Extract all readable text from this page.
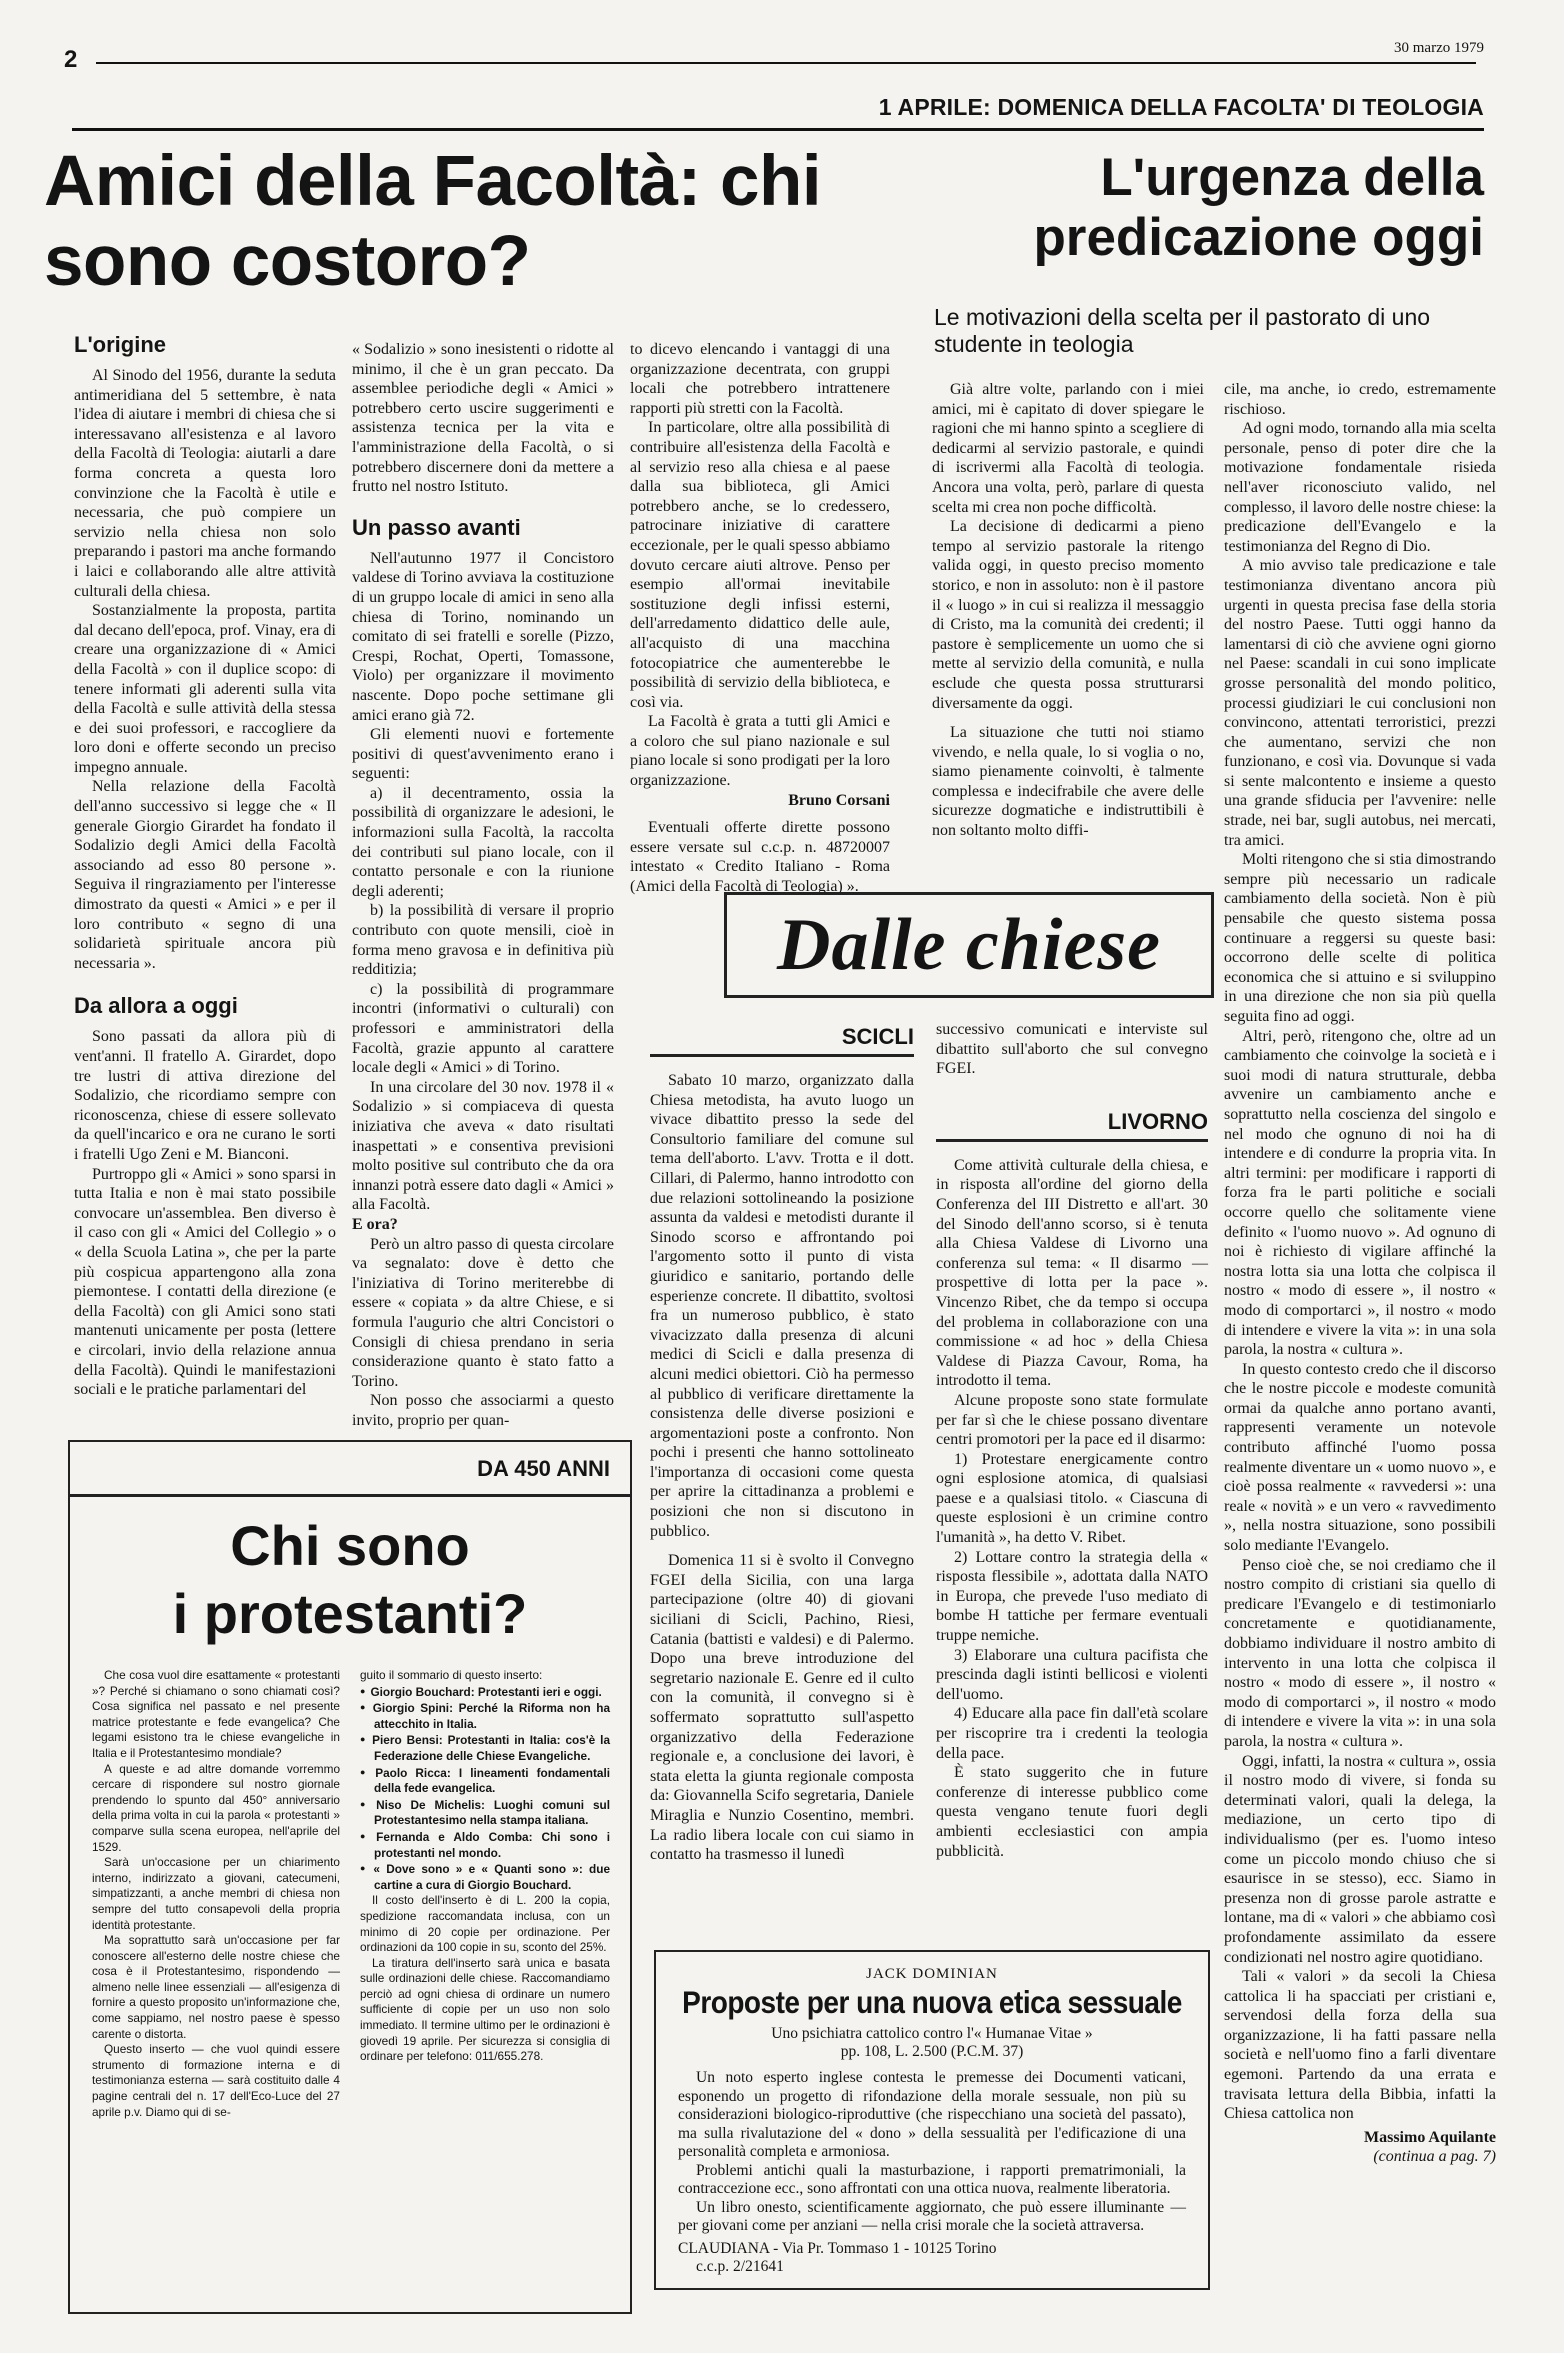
2	30 marzo 1979
1 APRILE: DOMENICA DELLA FACOLTA' DI TEOLOGIA
Amici della Facoltà: chi sono costoro?
L'origine

Al Sinodo del 1956, durante la seduta antimeridiana del 5 settembre, è nata l'idea di aiutare i membri di chiesa che si interessavano all'esistenza e al lavoro della Facoltà di Teologia: aiutarli a dare forma concreta a questa loro convinzione che la Facoltà è utile e necessaria, che può compiere un servizio nella chiesa non solo preparando i pastori ma anche formando i laici e collaborando alle altre attività culturali della chiesa.

Sostanzialmente la proposta, partita dal decano dell'epoca, prof. Vinay, era di creare una organizzazione di « Amici della Facoltà » con il duplice scopo: di tenere informati gli aderenti sulla vita della Facoltà e sulle attività della stessa e dei suoi professori, e raccogliere da loro doni e offerte secondo un preciso impegno annuale.

Nella relazione della Facoltà dell'anno successivo si legge che « Il generale Giorgio Girardet ha fondato il Sodalizio degli Amici della Facoltà associando ad esso 80 persone ». Seguiva il ringraziamento per l'interesse dimostrato da questi « Amici » e per il loro contributo « segno di una solidarietà spirituale ancora più necessaria ».

Da allora a oggi

Sono passati da allora più di vent'anni. Il fratello A. Girardet, dopo tre lustri di attiva direzione del Sodalizio, che ricordiamo sempre con riconoscenza, chiese di essere sollevato da quell'incarico e ora ne curano le sorti i fratelli Ugo Zeni e M. Bianconi.

Purtroppo gli « Amici » sono sparsi in tutta Italia e non è mai stato possibile convocare un'assemblea. Ben diverso è il caso con gli « Amici del Collegio » o « della Scuola Latina », che per la parte più cospicua appartengono alla zona piemontese. I contatti della direzione (e della Facoltà) con gli Amici sono stati mantenuti unicamente per posta (lettere e circolari, invio della relazione annua della Facoltà). Quindi le manifestazioni sociali e le pratiche parlamentari del

« Sodalizio » sono inesistenti o ridotte al minimo, il che è un gran peccato. Da assemblee periodiche degli « Amici » potrebbero certo uscire suggerimenti e assistenza tecnica per la vita e l'amministrazione della Facoltà, o si potrebbero discernere doni da mettere a frutto nel nostro Istituto.

Un passo avanti

Nell'autunno 1977 il Concistoro valdese di Torino avviava la costituzione di un gruppo locale di amici in seno alla chiesa di Torino, nominando un comitato di sei fratelli e sorelle (Pizzo, Crespi, Rochat, Operti, Tomassone, Violo) per organizzare il movimento nascente. Dopo poche settimane gli amici erano già 72.

Gli elementi nuovi e fortemente positivi di quest'avvenimento erano i seguenti:

a) il decentramento, ossia la possibilità di organizzare le adesioni, le informazioni sulla Facoltà, la raccolta dei contributi sul piano locale, con il contatto personale e con la riunione degli aderenti;

b) la possibilità di versare il proprio contributo con quote mensili, cioè in forma meno gravosa e in definitiva più redditizia;

c) la possibilità di programmare incontri (informativi o culturali) con professori e amministratori della Facoltà, grazie appunto al carattere locale degli « Amici » di Torino.

In una circolare del 30 nov. 1978 il « Sodalizio » si compiaceva di questa iniziativa che aveva « dato risultati inaspettati » e consentiva previsioni molto positive sul contributo che da ora innanzi potrà essere dato dagli « Amici » alla Facoltà.

E ora?

Però un altro passo di questa circolare va segnalato: dove è detto che l'iniziativa di Torino meriterebbe di essere « copiata » da altre Chiese, e si formula l'augurio che altri Concistori o Consigli di chiesa prendano in seria considerazione quanto è stato fatto a Torino.

Non posso che associarmi a questo invito, proprio per quan-

to dicevo elencando i vantaggi di una organizzazione decentrata, con gruppi locali che potrebbero intrattenere rapporti più stretti con la Facoltà.

In particolare, oltre alla possibilità di contribuire all'esistenza della Facoltà e al servizio reso alla chiesa e al paese dalla sua biblioteca, gli Amici potrebbero anche, se lo credessero, patrocinare iniziative di carattere eccezionale, per le quali spesso abbiamo dovuto cercare aiuti altrove. Penso per esempio all'ormai inevitabile sostituzione degli infissi esterni, dell'arredamento didattico delle aule, all'acquisto di una macchina fotocopiatrice che aumenterebbe le possibilità di servizio della biblioteca, e così via.

La Facoltà è grata a tutti gli Amici e a coloro che sul piano nazionale e sul piano locale si sono prodigati per la loro organizzazione.

Bruno Corsani

Eventuali offerte dirette possono essere versate sul c.c.p. n. 48720007 intestato « Credito Italiano - Roma (Amici della Facoltà di Teologia) ».

L'urgenza della
predicazione oggi
Le motivazioni della scelta per il pastorato di uno studente in teologia

Già altre volte, parlando con i miei amici, mi è capitato di dover spiegare le ragioni che mi hanno spinto a scegliere di dedicarmi al servizio pastorale, e quindi di iscrivermi alla Facoltà di teologia. Ancora una volta, però, parlare di questa scelta mi crea non poche difficoltà.

La decisione di dedicarmi a pieno tempo al servizio pastorale la ritengo valida oggi, in questo preciso momento storico, e non in assoluto: non è il pastore il « luogo » in cui si realizza il messaggio di Cristo, ma la comunità dei credenti; il pastore è semplicemente un uomo che si mette al servizio della comunità, e nulla esclude che questa possa strutturarsi diversamente da oggi.

La situazione che tutti noi stiamo vivendo, e nella quale, lo si voglia o no, siamo pienamente coinvolti, è talmente complessa e indecifrabile che avere delle sicurezze dogmatiche e indistruttibili è non soltanto molto diffi-

cile, ma anche, io credo, estremamente rischioso.

Ad ogni modo, tornando alla mia scelta personale, penso di poter dire che la motivazione fondamentale risieda nell'aver riconosciuto valido, nel complesso, il lavoro delle nostre chiese: la predicazione dell'Evangelo e la testimonianza del Regno di Dio.

A mio avviso tale predicazione e tale testimonianza diventano ancora più urgenti in questa precisa fase della storia del nostro Paese. Tutti oggi hanno da lamentarsi di ciò che avviene ogni giorno nel Paese: scandali in cui sono implicate grosse personalità del mondo politico, processi giudiziari le cui conclusioni non convincono, attentati terroristici, prezzi che aumentano, servizi che non funzionano, e così via. Dovunque si vada si sente malcontento e insieme a questo una grande sfiducia per l'avvenire: nelle strade, nei bar, sugli autobus, nei mercati, tra amici.

Molti ritengono che si stia dimostrando sempre più necessario un radicale cambiamento della società. Non è più pensabile che questo sistema possa continuare a reggersi su queste basi: occorrono delle scelte di politica economica che si attuino e si sviluppino in una direzione che non sia più quella seguita fino ad oggi.

Altri, però, ritengono che, oltre ad un cambiamento che coinvolge la società e i suoi modi di natura strutturale, debba avvenire un cambiamento anche e soprattutto nella coscienza del singolo e nel modo che ognuno di noi ha di intendere e di condurre la propria vita. In altri termini: per modificare i rapporti di forza fra le parti politiche e sociali occorre quello che solitamente viene definito « l'uomo nuovo ». Ad ognuno di noi è richiesto di vigilare affinché la nostra lotta sia una lotta che colpisca il nostro « modo di essere », il nostro « modo di comportarci », il nostro « modo di intendere e vivere la vita »: in una sola parola, la nostra « cultura ».

In questo contesto credo che il discorso che le nostre piccole e modeste comunità ormai da qualche anno portano avanti, rappresenti veramente un notevole contributo affinché l'uomo possa realmente diventare un « uomo nuovo », e cioè possa realmente « ravvedersi »: una reale « novità » e un vero « ravvedimento », nella nostra situazione, sono possibili solo mediante l'Evangelo.

Penso cioè che, se noi crediamo che il nostro compito di cristiani sia quello di predicare l'Evangelo e di testimoniarlo concretamente e quotidianamente, dobbiamo individuare il nostro ambito di intervento in una lotta che colpisca il nostro « modo di essere », il nostro « modo di comportarci », il nostro « modo di intendere e vivere la vita »: in una sola parola, la nostra « cultura ».

Oggi, infatti, la nostra « cultura », ossia il nostro modo di vivere, si fonda su determinati valori, quali la delega, la mediazione, un certo tipo di individualismo (per es. l'uomo inteso come un piccolo mondo chiuso che si esaurisce in se stesso), ecc. Siamo in presenza non di grosse parole astratte e lontane, ma di « valori » che abbiamo così profondamente assimilato da essere condizionati nel nostro agire quotidiano.

Tali « valori » da secoli la Chiesa cattolica li ha spacciati per cristiani e, servendosi della forza della sua organizzazione, li ha fatti passare nella società e nell'uomo fino a farli diventare egemoni. Partendo da una errata e travisata lettura della Bibbia, infatti la Chiesa cattolica non

Massimo Aquilante

(continua a pag. 7)

Dalle chiese
SCICLI

Sabato 10 marzo, organizzato dalla Chiesa metodista, ha avuto luogo un vivace dibattito presso la sede del Consultorio familiare del comune sul tema dell'aborto. L'avv. Trotta e il dott. Cillari, di Palermo, hanno introdotto con due relazioni sottolineando la posizione assunta da valdesi e metodisti durante il Sinodo scorso e affrontando poi l'argomento sotto il punto di vista giuridico e sanitario, portando delle esperienze concrete. Il dibattito, svoltosi fra un numeroso pubblico, è stato vivacizzato dalla presenza di alcuni medici di Scicli e dalla presenza di alcuni medici obiettori. Ciò ha permesso al pubblico di verificare direttamente la consistenza delle diverse posizioni e argomentazioni poste a confronto. Non pochi i presenti che hanno sottolineato l'importanza di occasioni come questa per aprire la cittadinanza a problemi e posizioni che non si discutono in pubblico.

Domenica 11 si è svolto il Convegno FGEI della Sicilia, con una larga partecipazione (oltre 40) di giovani siciliani di Scicli, Pachino, Riesi, Catania (battisti e valdesi) e di Palermo. Dopo una breve introduzione del segretario nazionale E. Genre ed il culto con la comunità, il convegno si è soffermato soprattutto sull'aspetto organizzativo della Federazione regionale e, a conclusione dei lavori, è stata eletta la giunta regionale composta da: Giovannella Scifo segretaria, Daniele Miraglia e Nunzio Cosentino, membri. La radio libera locale con cui siamo in contatto ha trasmesso il lunedì

successivo comunicati e interviste sul dibattito sull'aborto che sul convegno FGEI.

LIVORNO

Come attività culturale della chiesa, e in risposta all'ordine del giorno della Conferenza del III Distretto e all'art. 30 del Sinodo dell'anno scorso, si è tenuta alla Chiesa Valdese di Livorno una conferenza sul tema: « Il disarmo — prospettive di lotta per la pace ». Vincenzo Ribet, che da tempo si occupa del problema in collaborazione con una commissione « ad hoc » della Chiesa Valdese di Piazza Cavour, Roma, ha introdotto il tema.

Alcune proposte sono state formulate per far sì che le chiese possano diventare centri promotori per la pace ed il disarmo:

1) Protestare energicamente contro ogni esplosione atomica, di qualsiasi paese e a qualsiasi titolo. « Ciascuna di queste esplosioni è un crimine contro l'umanità », ha detto V. Ribet.

2) Lottare contro la strategia della « risposta flessibile », adottata dalla NATO in Europa, che prevede l'uso mediato di bombe H tattiche per fermare eventuali truppe nemiche.

3) Elaborare una cultura pacifista che prescinda dagli istinti bellicosi e violenti dell'uomo.

4) Educare alla pace fin dall'età scolare per riscoprire tra i credenti la teologia della pace.

È stato suggerito che in future conferenze di interesse pubblico come questa vengano tenute fuori degli ambienti ecclesiastici con ampia pubblicità.

DA 450 ANNI
Chi sono
i protestanti?

Che cosa vuol dire esattamente « protestanti »? Perché si chiamano o sono chiamati così? Cosa significa nel passato e nel presente matrice protestante e fede evangelica? Che legami esistono tra le chiese evangeliche in Italia e il Protestantesimo mondiale?

A queste e ad altre domande vorremmo cercare di rispondere sul nostro giornale prendendo lo spunto dal 450° anniversario della prima volta in cui la parola « protestanti » comparve sulla scena europea, nell'aprile del 1529.

Sarà un'occasione per un chiarimento interno, indirizzato a giovani, catecumeni, simpatizzanti, a anche membri di chiesa non sempre del tutto consapevoli della propria identità protestante.

Ma soprattutto sarà un'occasione per far conoscere all'esterno delle nostre chiese che cosa è il Protestantesimo, rispondendo — almeno nelle linee essenziali — all'esigenza di fornire a questo proposito un'informazione che, come sappiamo, nel nostro paese è spesso carente o distorta.

Questo inserto — che vuol quindi essere strumento di formazione interna e di testimonianza esterna — sarà costituito dalle 4 pagine centrali del n. 17 dell'Eco-Luce del 27 aprile p.v. Diamo qui di se-

guito il sommario di questo inserto:

● Giorgio Bouchard: Protestanti ieri e oggi.
● Giorgio Spini: Perché la Riforma non ha attecchito in Italia.
● Piero Bensi: Protestanti in Italia: cos'è la Federazione delle Chiese Evangeliche.
● Paolo Ricca: I lineamenti fondamentali della fede evangelica.
● Niso De Michelis: Luoghi comuni sul Protestantesimo nella stampa italiana.
● Fernanda e Aldo Comba: Chi sono i protestanti nel mondo.
● « Dove sono » e « Quanti sono »: due cartine a cura di Giorgio Bouchard.

Il costo dell'inserto è di L. 200 la copia, spedizione raccomandata inclusa, con un minimo di 20 copie per ordinazione. Per ordinazioni da 100 copie in su, sconto del 25%.

La tiratura dell'inserto sarà unica e basata sulle ordinazioni delle chiese. Raccomandiamo perciò ad ogni chiesa di ordinare un numero sufficiente di copie per un uso non solo immediato. Il termine ultimo per le ordinazioni è giovedì 19 aprile. Per sicurezza si consiglia di ordinare per telefono: 011/655.278.

JACK DOMINIAN
Proposte per una nuova etica sessuale
Uno psichiatra cattolico contro l'« Humanae Vitae »
pp. 108, L. 2.500 (P.C.M. 37)

Un noto esperto inglese contesta le premesse dei Documenti vaticani, esponendo un progetto di rifondazione della morale sessuale, non più su considerazioni biologico-riproduttive (che rispecchiano una società del passato), ma sulla rivalutazione del « dono » della sessualità per l'edificazione di una personalità completa e armoniosa.

Problemi antichi quali la masturbazione, i rapporti prematrimoniali, la contraccezione ecc., sono affrontati con una ottica nuova, realmente liberatoria.

Un libro onesto, scientificamente aggiornato, che può essere illuminante — per giovani come per anziani — nella crisi morale che la società attraversa.

CLAUDIANA - Via Pr. Tommaso 1 - 10125 Torino
c.c.p. 2/21641
